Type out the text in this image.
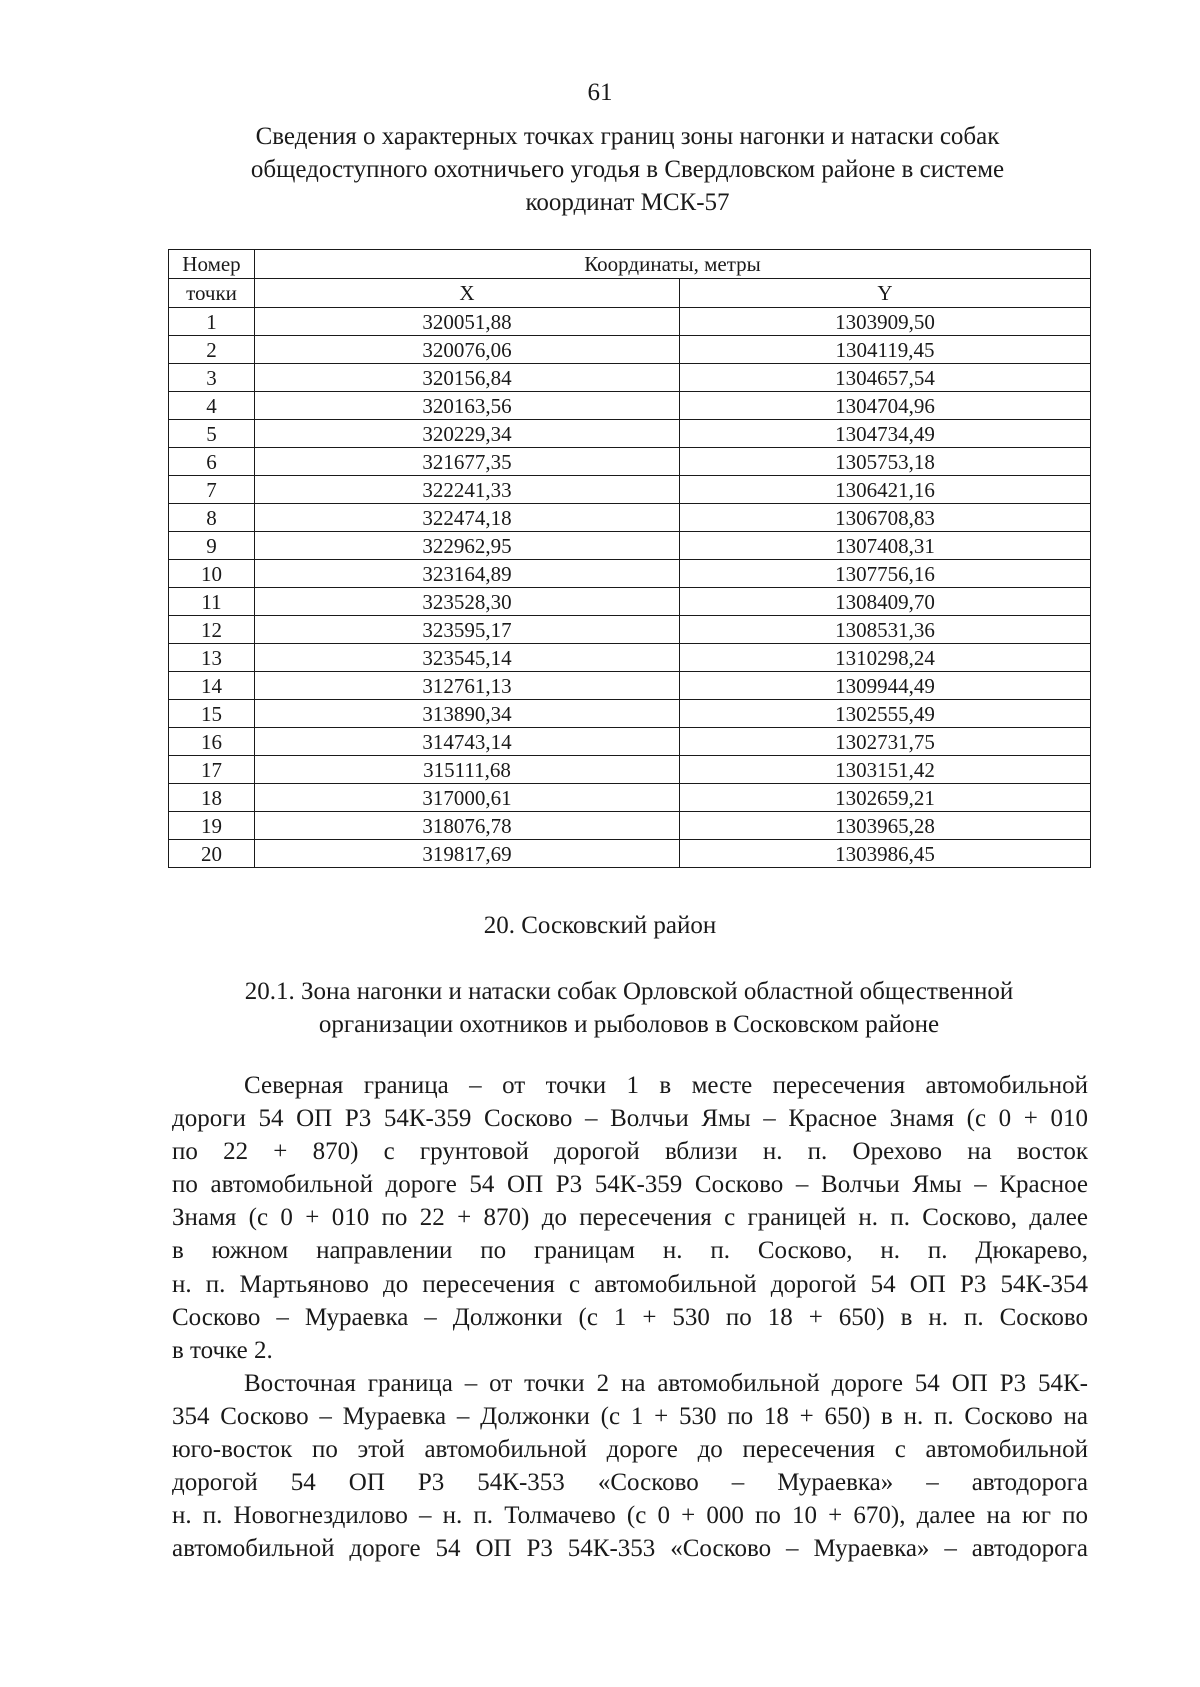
61
Сведения о характерных точках границ зоны нагонки и натаски собак
общедоступного охотничьего угодья в Свердловском районе в системе
координат МСК-57
Номер	Координаты, метры	
точки	X	Y
1	320051,88	1303909,50
2	320076,06	1304119,45
3	320156,84	1304657,54
4	320163,56	1304704,96
5	320229,34	1304734,49
6	321677,35	1305753,18
7	322241,33	1306421,16
8	322474,18	1306708,83
9	322962,95	1307408,31
10	323164,89	1307756,16
11	323528,30	1308409,70
12	323595,17	1308531,36
13	323545,14	1310298,24
14	312761,13	1309944,49
15	313890,34	1302555,49
16	314743,14	1302731,75
17	315111,68	1303151,42
18	317000,61	1302659,21
19	318076,78	1303965,28
20	319817,69	1303986,45
20. Сосковский район
20.1. Зона нагонки и натаски собак Орловской областной общественной
организации охотников и рыболовов в Сосковском районе

Северная граница – от точки 1 в месте пересечения автомобильной
дороги 54 ОП Р3 54К-359 Сосково – Волчьи Ямы – Красное Знамя (с 0 + 010
по 22 + 870) с грунтовой дорогой вблизи н. п. Орехово на восток
по автомобильной дороге 54 ОП Р3 54К-359 Сосково – Волчьи Ямы – Красное
Знамя (с 0 + 010 по 22 + 870) до пересечения с границей н. п. Сосково, далее
в южном направлении по границам н. п. Сосково, н. п. Дюкарево,
н. п. Мартьяново до пересечения с автомобильной дорогой 54 ОП Р3 54К-354
Сосково – Мураевка – Должонки (с 1 + 530 по 18 + 650) в н. п. Сосково
в точке 2.

Восточная граница – от точки 2 на автомобильной дороге 54 ОП Р3 54К-
354 Сосково – Мураевка – Должонки (с 1 + 530 по 18 + 650) в н. п. Сосково на
юго-восток по этой автомобильной дороге до пересечения с автомобильной
дорогой 54 ОП Р3 54К-353 «Сосково – Мураевка» – автодорога
н. п. Новогнездилово – н. п. Толмачево (с 0 + 000 по 10 + 670), далее на юг по
автомобильной дороге 54 ОП Р3 54К-353 «Сосково – Мураевка» – автодорога
